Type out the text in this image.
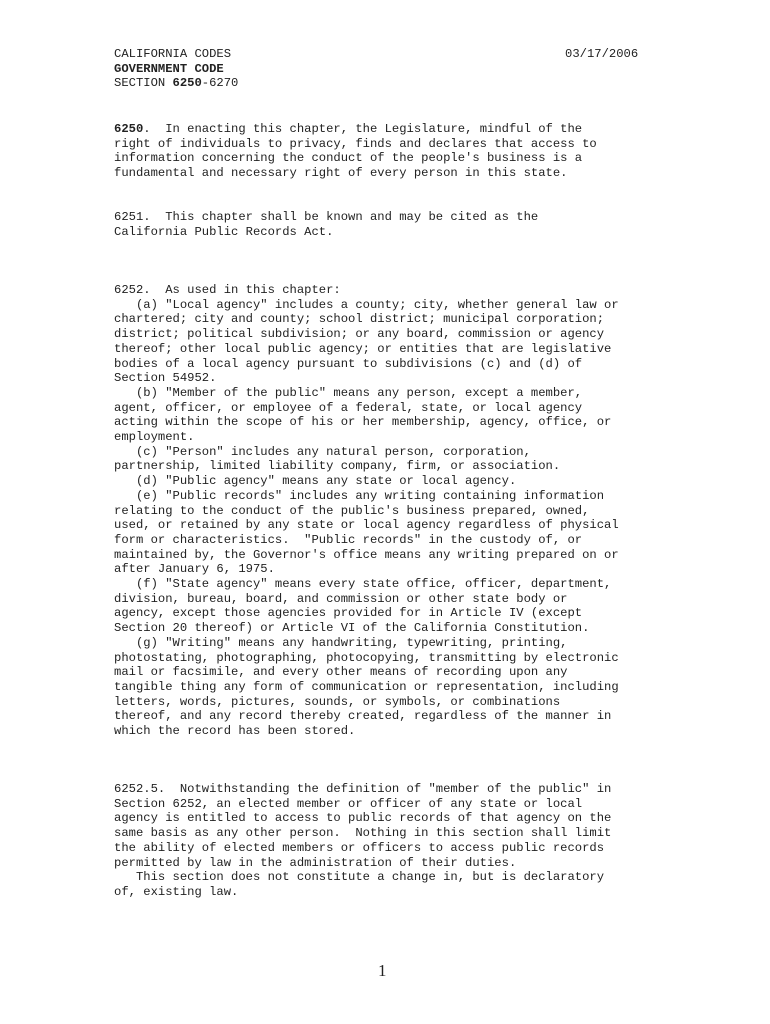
CALIFORNIA CODES
GOVERNMENT CODE
SECTION 6250-6270
03/17/2006
6250.  In enacting this chapter, the Legislature, mindful of the
right of individuals to privacy, finds and declares that access to
information concerning the conduct of the people's business is a
fundamental and necessary right of every person in this state.
6251.  This chapter shall be known and may be cited as the
California Public Records Act.
6252.  As used in this chapter:
(a) "Local agency" includes a county; city, whether general law or
chartered; city and county; school district; municipal corporation;
district; political subdivision; or any board, commission or agency
thereof; other local public agency; or entities that are legislative
bodies of a local agency pursuant to subdivisions (c) and (d) of
Section 54952.
(b) "Member of the public" means any person, except a member,
agent, officer, or employee of a federal, state, or local agency
acting within the scope of his or her membership, agency, office, or
employment.
(c) "Person" includes any natural person, corporation,
partnership, limited liability company, firm, or association.
(d) "Public agency" means any state or local agency.
(e) "Public records" includes any writing containing information
relating to the conduct of the public's business prepared, owned,
used, or retained by any state or local agency regardless of physical
form or characteristics.  "Public records" in the custody of, or
maintained by, the Governor's office means any writing prepared on or
after January 6, 1975.
(f) "State agency" means every state office, officer, department,
division, bureau, board, and commission or other state body or
agency, except those agencies provided for in Article IV (except
Section 20 thereof) or Article VI of the California Constitution.
(g) "Writing" means any handwriting, typewriting, printing,
photostating, photographing, photocopying, transmitting by electronic
mail or facsimile, and every other means of recording upon any
tangible thing any form of communication or representation, including
letters, words, pictures, sounds, or symbols, or combinations
thereof, and any record thereby created, regardless of the manner in
which the record has been stored.
6252.5.  Notwithstanding the definition of "member of the public" in
Section 6252, an elected member or officer of any state or local
agency is entitled to access to public records of that agency on the
same basis as any other person.  Nothing in this section shall limit
the ability of elected members or officers to access public records
permitted by law in the administration of their duties.
This section does not constitute a change in, but is declaratory
of, existing law.
1
